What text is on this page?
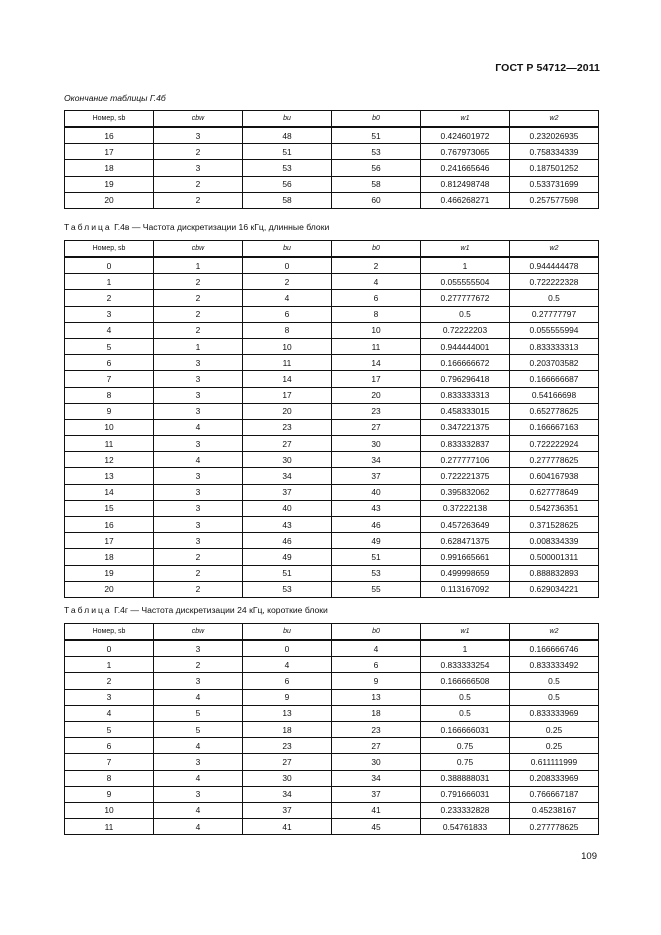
ГОСТ Р 54712—2011
Окончание таблицы Г.4б
Номер, sb	cbw	bu	b0	w1	w2
16	3	48	51	0.424601972	0.232026935
17	2	51	53	0.767973065	0.758334339
18	3	53	56	0.241665646	0.187501252
19	2	56	58	0.812498748	0.533731699
20	2	58	60	0.466268271	0.257577598
Таблица Г.4в — Частота дискретизации 16 кГц, длинные блоки
Номер, sb	cbw	bu	b0	w1	w2
0	1	0	2	1	0.944444478
1	2	2	4	0.055555504	0.722222328
2	2	4	6	0.277777672	0.5
3	2	6	8	0.5	0.27777797
4	2	8	10	0.72222203	0.055555994
5	1	10	11	0.944444001	0.833333313
6	3	11	14	0.166666672	0.203703582
7	3	14	17	0.796296418	0.166666687
8	3	17	20	0.833333313	0.54166698
9	3	20	23	0.458333015	0.652778625
10	4	23	27	0.347221375	0.166667163
11	3	27	30	0.833332837	0.722222924
12	4	30	34	0.277777106	0.277778625
13	3	34	37	0.722221375	0.604167938
14	3	37	40	0.395832062	0.627778649
15	3	40	43	0.37222138	0.542736351
16	3	43	46	0.457263649	0.371528625
17	3	46	49	0.628471375	0.008334339
18	2	49	51	0.991665661	0.500001311
19	2	51	53	0.499998659	0.888832893
20	2	53	55	0.113167092	0.629034221
Таблица Г.4г — Частота дискретизации 24 кГц, короткие блоки
Номер, sb	cbw	bu	b0	w1	w2
0	3	0	4	1	0.166666746
1	2	4	6	0.833333254	0.833333492
2	3	6	9	0.166666508	0.5
3	4	9	13	0.5	0.5
4	5	13	18	0.5	0.833333969
5	5	18	23	0.166666031	0.25
6	4	23	27	0.75	0.25
7	3	27	30	0.75	0.611111999
8	4	30	34	0.388888031	0.208333969
9	3	34	37	0.791666031	0.766667187
10	4	37	41	0.233332828	0.45238167
11	4	41	45	0.54761833	0.277778625
109
